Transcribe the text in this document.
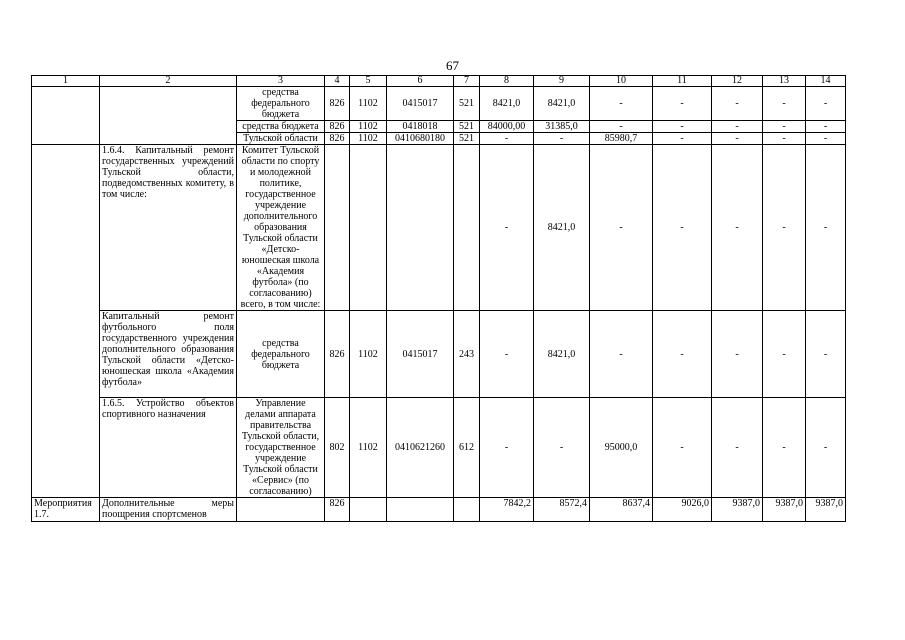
67
1	2	3	4	5	6	7	8	9	10	11	12	13	14
		средства федерального бюджета	826	1102	0415017	521	8421,0	8421,0	-	-	-	-	-
		средства бюджета	826	1102	0418018	521	84000,00	31385,0	-	-	-	-	-
		Тульской области	826	1102	0410680180	521	-	-	85980,7	-	-	-	-
	1.6.4. Капитальный ремонт государственных учреждений Тульской области, подведомственных комитету, в том числе:	Комитет Тульской области по спорту и молодежной политике, государственное учреждение дополнительного образования Тульской области «Детско-юношеская школа «Академия футбола» (по согласованию) всего, в том числе:					-	8421,0	-	-	-	-	-
	Капитальный ремонт футбольного поля государственного учреждения дополнительного образования Тульской области «Детско-юношеская школа «Академия футбола»	средства федерального бюджета	826	1102	0415017	243	-	8421,0	-	-	-	-	-
	1.6.5. Устройство объектов спортивного назначения	Управление делами аппарата правительства Тульской области, государственное учреждение Тульской области «Сервис» (по согласованию)	802	1102	0410621260	612	-	-	95000,0	-	-	-	-
Мероприятия 1.7.	Дополнительные меры поощрения спортсменов		826				7842,2	8572,4	8637,4	9026,0	9387,0	9387,0	9387,0
